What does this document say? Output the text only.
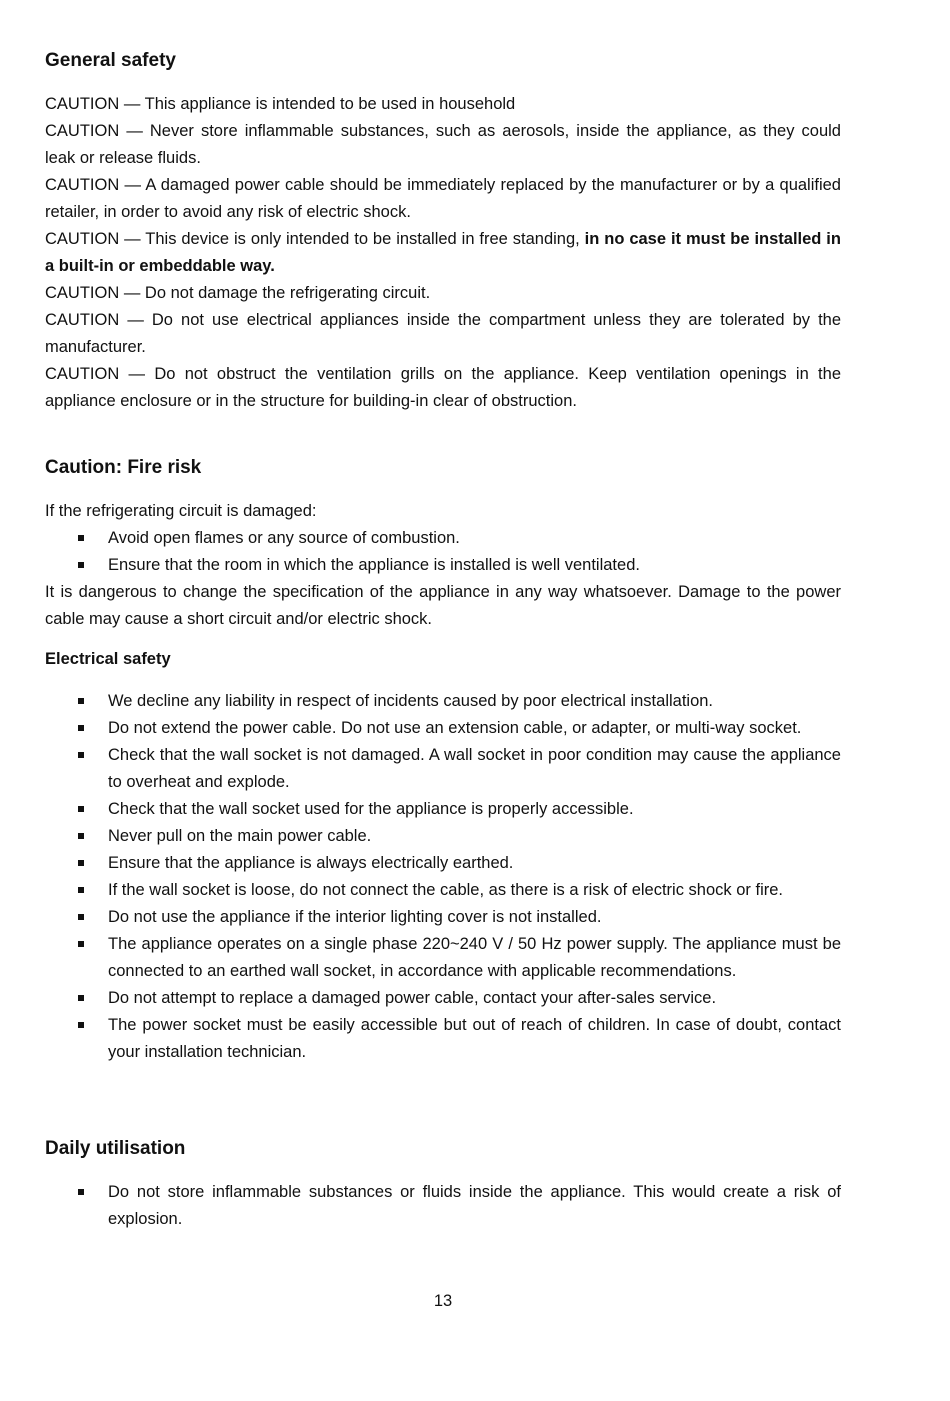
General safety
CAUTION — This appliance is intended to be used in household
CAUTION — Never store inflammable substances, such as aerosols, inside the appliance, as they could leak or release fluids.
CAUTION — A damaged power cable should be immediately replaced by the manufacturer or by a qualified retailer, in order to avoid any risk of electric shock.
CAUTION — This device is only intended to be installed in free standing, in no case it must be installed in a built-in or embeddable way.
CAUTION — Do not damage the refrigerating circuit.
CAUTION — Do not use electrical appliances inside the compartment unless they are tolerated by the manufacturer.
CAUTION — Do not obstruct the ventilation grills on the appliance. Keep ventilation openings in the appliance enclosure or in the structure for building-in clear of obstruction.
Caution: Fire risk
If the refrigerating circuit is damaged:
Avoid open flames or any source of combustion.
Ensure that the room in which the appliance is installed is well ventilated.
It is dangerous to change the specification of the appliance in any way whatsoever. Damage to the power cable may cause a short circuit and/or electric shock.
Electrical safety
We decline any liability in respect of incidents caused by poor electrical installation.
Do not extend the power cable. Do not use an extension cable, or adapter, or multi-way socket.
Check that the wall socket is not damaged. A wall socket in poor condition may cause the appliance to overheat and explode.
Check that the wall socket used for the appliance is properly accessible.
Never pull on the main power cable.
Ensure that the appliance is always electrically earthed.
If the wall socket is loose, do not connect the cable, as there is a risk of electric shock or fire.
Do not use the appliance if the interior lighting cover is not installed.
The appliance operates on a single phase 220~240 V / 50 Hz power supply. The appliance must be connected to an earthed wall socket, in accordance with applicable recommendations.
Do not attempt to replace a damaged power cable, contact your after-sales service.
The power socket must be easily accessible but out of reach of children. In case of doubt, contact your installation technician.
Daily utilisation
Do not store inflammable substances or fluids inside the appliance. This would create a risk of explosion.
13
